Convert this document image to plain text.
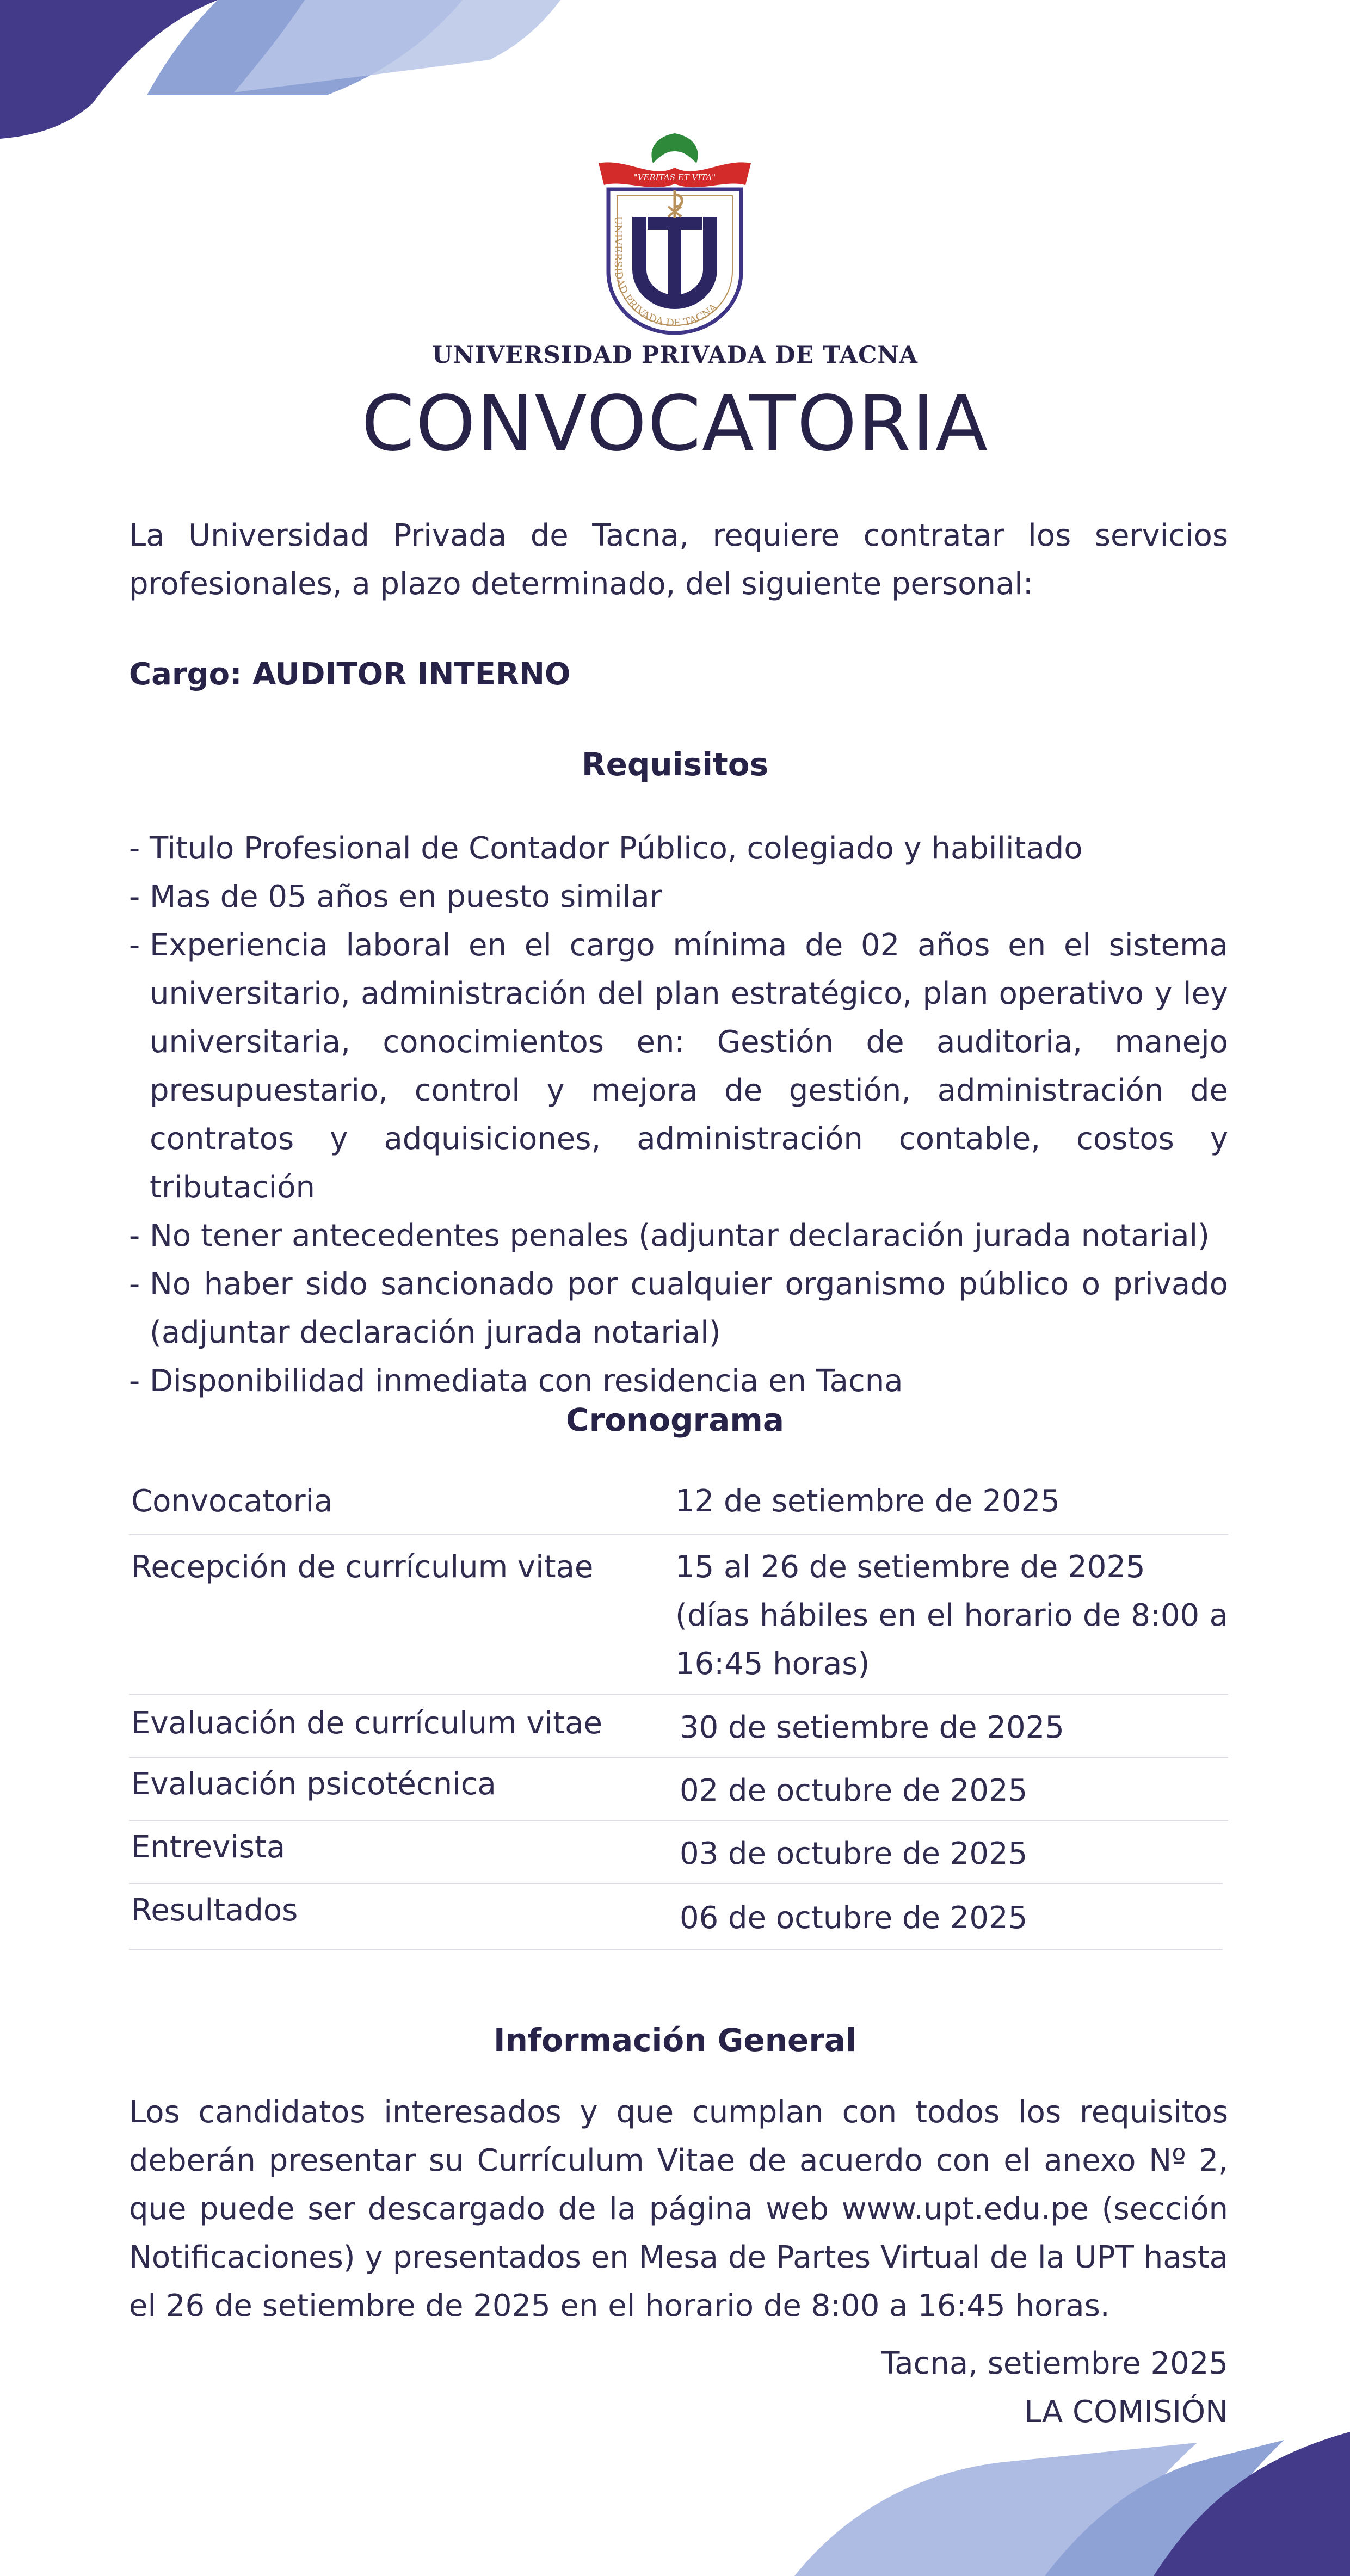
"VERITAS ET VITA"
UNIVERSIDAD PRIVADA DE TACNA
UNIVERSIDAD PRIVADA DE TACNA
CONVOCATORIA
La Universidad Privada de Tacna, requiere contratar los servicios profesionales, a plazo determinado, del siguiente personal:
Cargo: AUDITOR INTERNO
Requisitos
- Titulo Profesional de Contador Público, colegiado y habilitado
- Mas de 05 años en puesto similar
- Experiencia laboral en el cargo mínima de 02 años en el sistema universitario, administración del plan estratégico, plan operativo y ley universitaria, conocimientos en: Gestión de auditoria, manejo presupuestario, control y mejora de gestión, administración de contratos y adquisiciones, administración contable, costos y tributación
- No tener antecedentes penales (adjuntar declaración jurada notarial)
- No haber sido sancionado por cualquier organismo público o privado (adjuntar declaración jurada notarial)
- Disponibilidad inmediata con residencia en Tacna
Cronograma
Convocatoria	12 de setiembre de 2025
Recepción de currículum vitae	15 al 26 de setiembre de 2025
(días hábiles en el horario de 8:00 a 16:45 horas)
Evaluación de currículum vitae	30 de setiembre de 2025
Evaluación psicotécnica	02 de octubre de 2025
Entrevista	03 de octubre de 2025
Resultados	06 de octubre de 2025
Información General
Los candidatos interesados y que cumplan con todos los requisitos deberán presentar su Currículum Vitae de acuerdo con el anexo Nº 2, que puede ser descargado de la página web www.upt.edu.pe (sección Notificaciones) y presentados en Mesa de Partes Virtual de la UPT hasta el 26 de setiembre de 2025 en el horario de 8:00 a 16:45 horas.
Tacna, setiembre 2025
LA COMISIÓN
